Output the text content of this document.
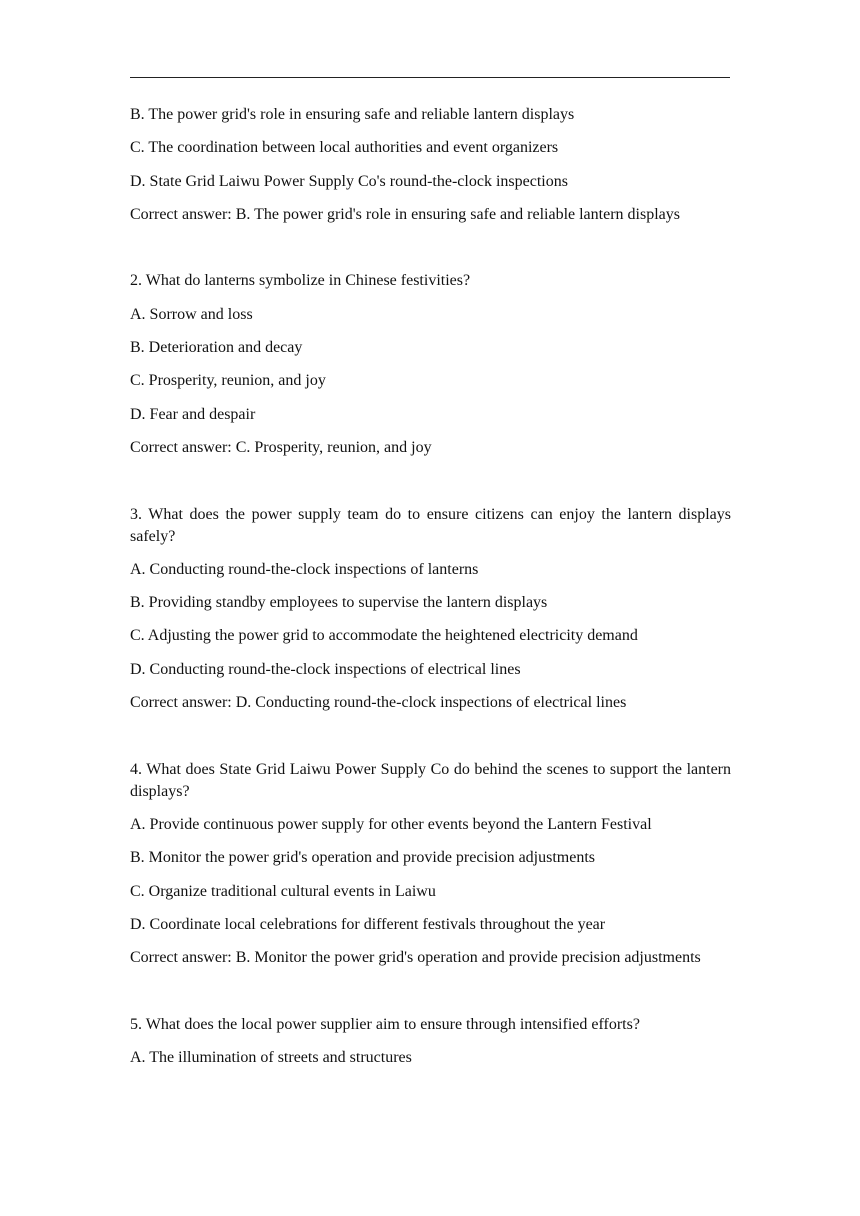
B. The power grid's role in ensuring safe and reliable lantern displays

C. The coordination between local authorities and event organizers

D. State Grid Laiwu Power Supply Co's round-the-clock inspections

Correct answer: B. The power grid's role in ensuring safe and reliable lantern displays

2. What do lanterns symbolize in Chinese festivities?

A. Sorrow and loss

B. Deterioration and decay

C. Prosperity, reunion, and joy

D. Fear and despair

Correct answer: C. Prosperity, reunion, and joy

3. What does the power supply team do to ensure citizens can enjoy the lantern displays safely?

A. Conducting round-the-clock inspections of lanterns

B. Providing standby employees to supervise the lantern displays

C. Adjusting the power grid to accommodate the heightened electricity demand

D. Conducting round-the-clock inspections of electrical lines

Correct answer: D. Conducting round-the-clock inspections of electrical lines

4. What does State Grid Laiwu Power Supply Co do behind the scenes to support the lantern displays?

A. Provide continuous power supply for other events beyond the Lantern Festival

B. Monitor the power grid's operation and provide precision adjustments

C. Organize traditional cultural events in Laiwu

D. Coordinate local celebrations for different festivals throughout the year

Correct answer: B. Monitor the power grid's operation and provide precision adjustments

5. What does the local power supplier aim to ensure through intensified efforts?

A. The illumination of streets and structures
